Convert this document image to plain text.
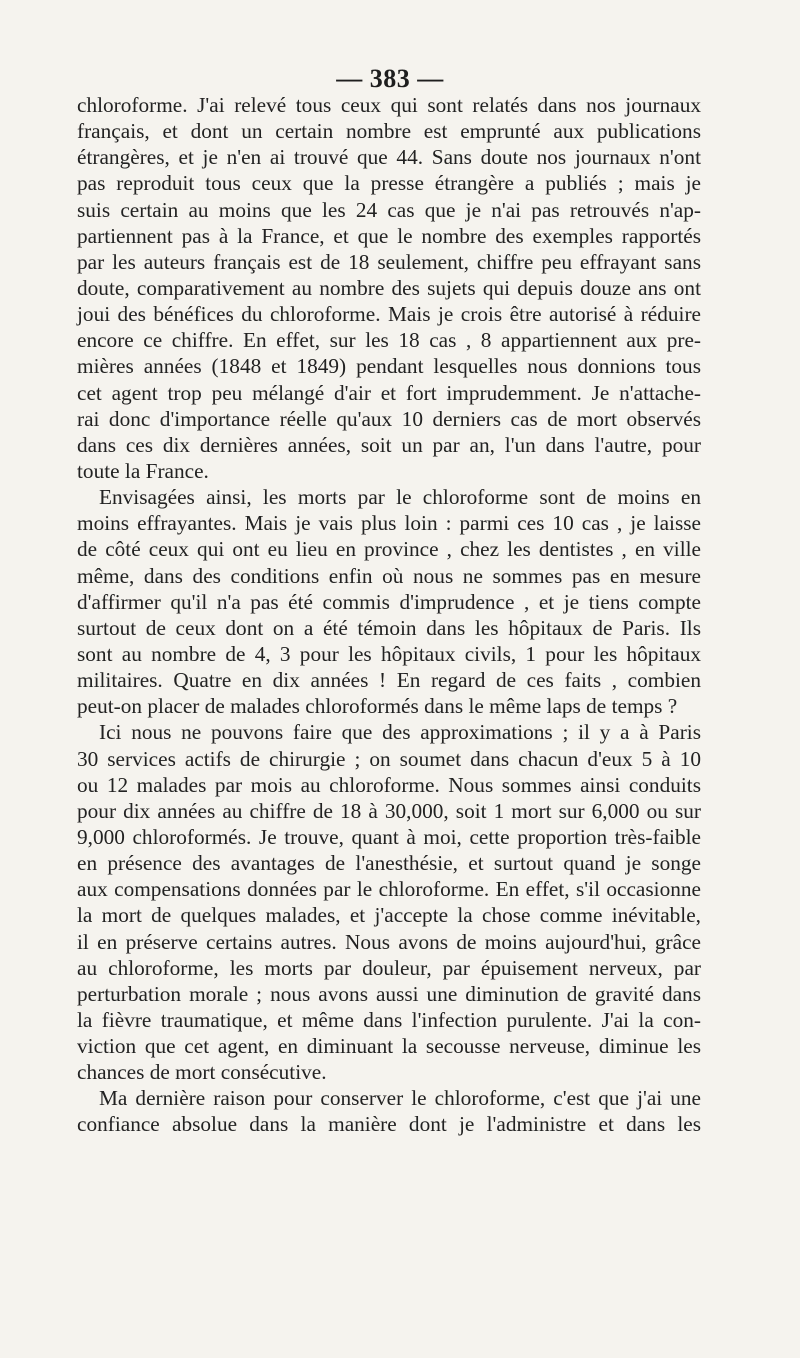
— 383 —
chloroforme. J'ai relevé tous ceux qui sont relatés dans nos journaux
français, et dont un certain nombre est emprunté aux publications
étrangères, et je n'en ai trouvé que 44. Sans doute nos journaux n'ont
pas reproduit tous ceux que la presse étrangère a publiés ; mais je
suis certain au moins que les 24 cas que je n'ai pas retrouvés n'ap-
partiennent pas à la France, et que le nombre des exemples rapportés
par les auteurs français est de 18 seulement, chiffre peu effrayant sans
doute, comparativement au nombre des sujets qui depuis douze ans ont
joui des bénéfices du chloroforme. Mais je crois être autorisé à réduire
encore ce chiffre. En effet, sur les 18 cas , 8 appartiennent aux pre-
mières années (1848 et 1849) pendant lesquelles nous donnions tous
cet agent trop peu mélangé d'air et fort imprudemment. Je n'attache-
rai donc d'importance réelle qu'aux 10 derniers cas de mort observés
dans ces dix dernières années, soit un par an, l'un dans l'autre, pour
toute la France.
Envisagées ainsi, les morts par le chloroforme sont de moins en
moins effrayantes. Mais je vais plus loin : parmi ces 10 cas , je laisse
de côté ceux qui ont eu lieu en province , chez les dentistes , en ville
même, dans des conditions enfin où nous ne sommes pas en mesure
d'affirmer qu'il n'a pas été commis d'imprudence , et je tiens compte
surtout de ceux dont on a été témoin dans les hôpitaux de Paris. Ils
sont au nombre de 4, 3 pour les hôpitaux civils, 1 pour les hôpitaux
militaires. Quatre en dix années ! En regard de ces faits , combien
peut-on placer de malades chloroformés dans le même laps de temps ?
Ici nous ne pouvons faire que des approximations ; il y a à Paris
30 services actifs de chirurgie ; on soumet dans chacun d'eux 5 à 10
ou 12 malades par mois au chloroforme. Nous sommes ainsi conduits
pour dix années au chiffre de 18 à 30,000, soit 1 mort sur 6,000 ou sur
9,000 chloroformés. Je trouve, quant à moi, cette proportion très-faible
en présence des avantages de l'anesthésie, et surtout quand je songe
aux compensations données par le chloroforme. En effet, s'il occasionne
la mort de quelques malades, et j'accepte la chose comme inévitable,
il en préserve certains autres. Nous avons de moins aujourd'hui, grâce
au chloroforme, les morts par douleur, par épuisement nerveux, par
perturbation morale ; nous avons aussi une diminution de gravité dans
la fièvre traumatique, et même dans l'infection purulente. J'ai la con-
viction que cet agent, en diminuant la secousse nerveuse, diminue les
chances de mort consécutive.
Ma dernière raison pour conserver le chloroforme, c'est que j'ai une
confiance absolue dans la manière dont je l'administre et dans les
